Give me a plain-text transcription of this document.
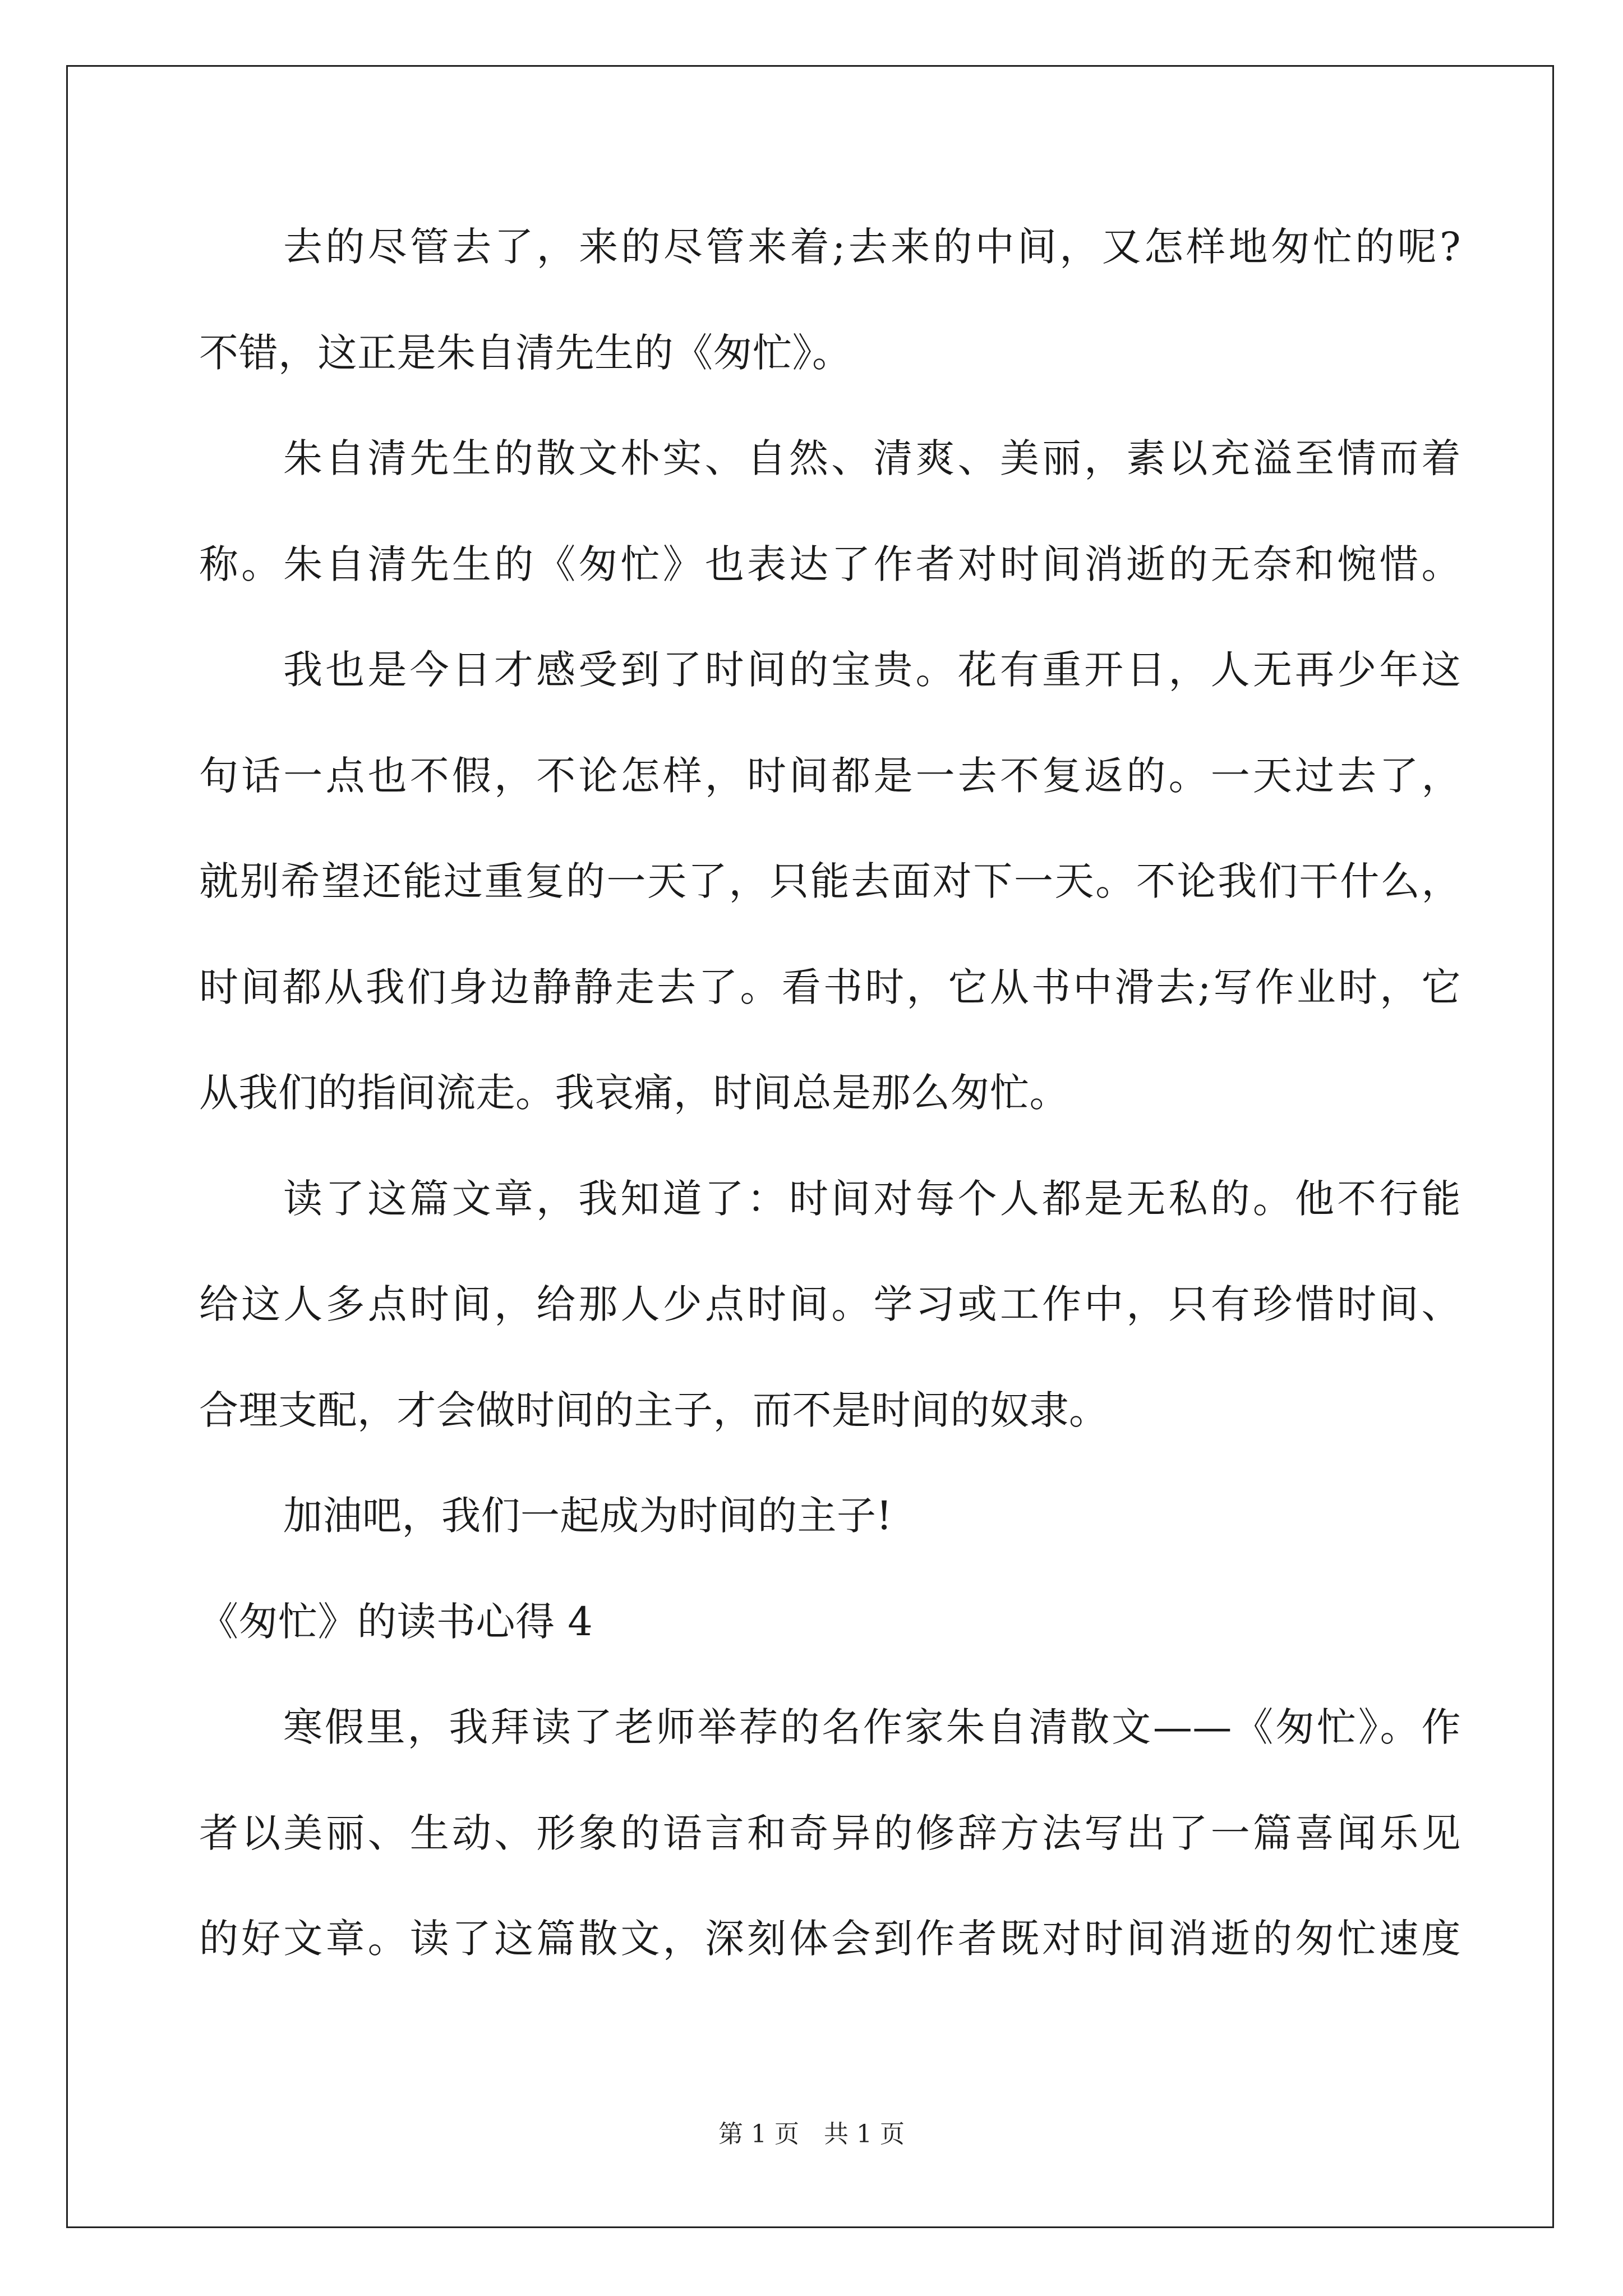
去的尽管去了，来的尽管来着;去来的中间，又怎样地匆忙的呢?
不错，这正是朱自清先生的《匆忙》。
朱自清先生的散文朴实、自然、清爽、美丽，素以充溢至情而着
称。朱自清先生的《匆忙》也表达了作者对时间消逝的无奈和惋惜。
我也是今日才感受到了时间的宝贵。花有重开日，人无再少年这
句话一点也不假，不论怎样，时间都是一去不复返的。一天过去了，
就别希望还能过重复的一天了，只能去面对下一天。不论我们干什么，
时间都从我们身边静静走去了。看书时，它从书中滑去;写作业时，它
从我们的指间流走。我哀痛，时间总是那么匆忙。
读了这篇文章，我知道了：时间对每个人都是无私的。他不行能
给这人多点时间，给那人少点时间。学习或工作中，只有珍惜时间、
合理支配，才会做时间的主子，而不是时间的奴隶。
加油吧，我们一起成为时间的主子!
《匆忙》的读书心得 4
寒假里，我拜读了老师举荐的名作家朱自清散文——《匆忙》。作
者以美丽、生动、形象的语言和奇异的修辞方法写出了一篇喜闻乐见
的好文章。读了这篇散文，深刻体会到作者既对时间消逝的匆忙速度
第 1 页　共 1 页
